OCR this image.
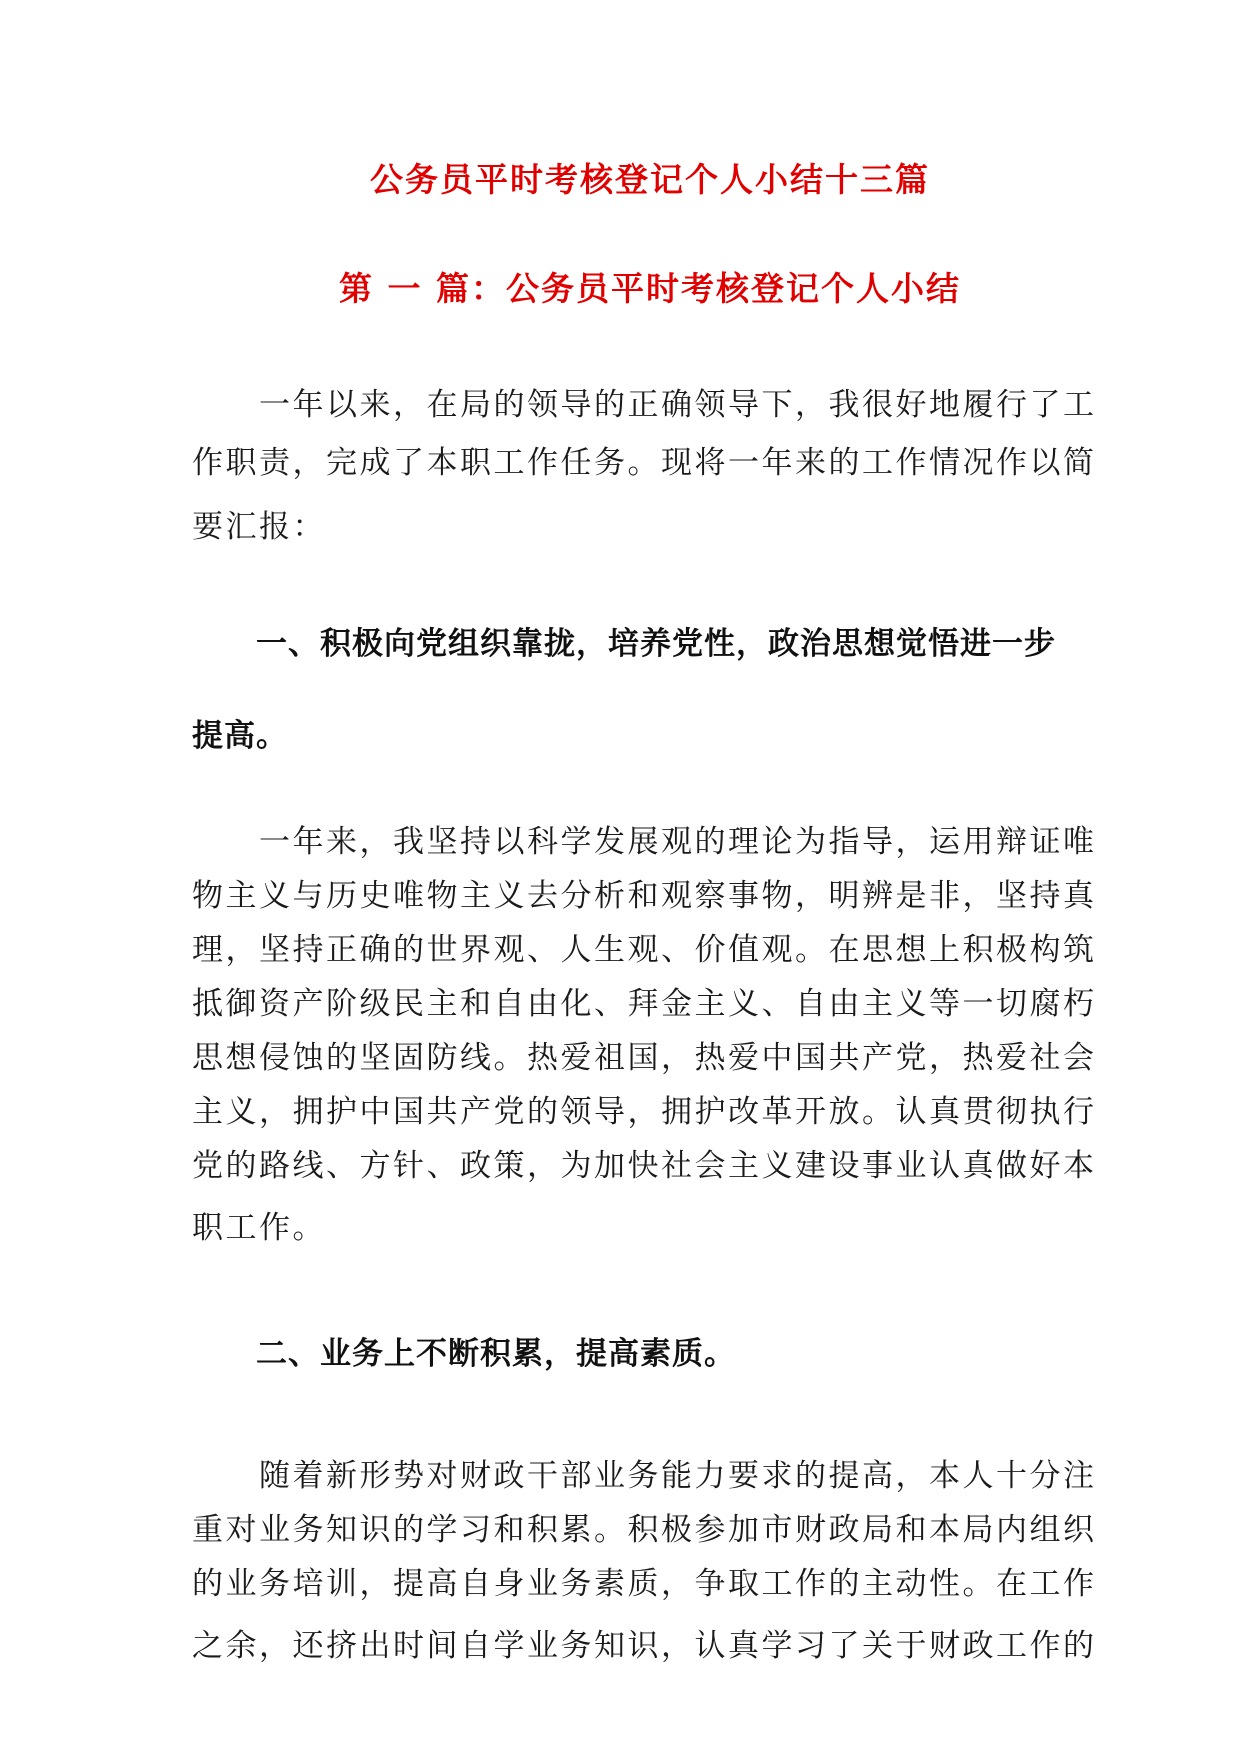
公务员平时考核登记个人小结十三篇
第 一 篇：公务员平时考核登记个人小结
　　一年以来，在局的领导的正确领导下，我很好地履行了工
作职责，完成了本职工作任务。现将一年来的工作情况作以简
要汇报：
　　一、积极向党组织靠拢，培养党性，政治思想觉悟进一步
提高。
　　一年来，我坚持以科学发展观的理论为指导，运用辩证唯
物主义与历史唯物主义去分析和观察事物，明辨是非，坚持真
理，坚持正确的世界观、人生观、价值观。在思想上积极构筑
抵御资产阶级民主和自由化、拜金主义、自由主义等一切腐朽
思想侵蚀的坚固防线。热爱祖国，热爱中国共产党，热爱社会
主义，拥护中国共产党的领导，拥护改革开放。认真贯彻执行
党的路线、方针、政策，为加快社会主义建设事业认真做好本
职工作。
　　二、业务上不断积累，提高素质。
　　随着新形势对财政干部业务能力要求的提高，本人十分注
重对业务知识的学习和积累。积极参加市财政局和本局内组织
的业务培训，提高自身业务素质，争取工作的主动性。在工作
之余，还挤出时间自学业务知识，认真学习了关于财政工作的
